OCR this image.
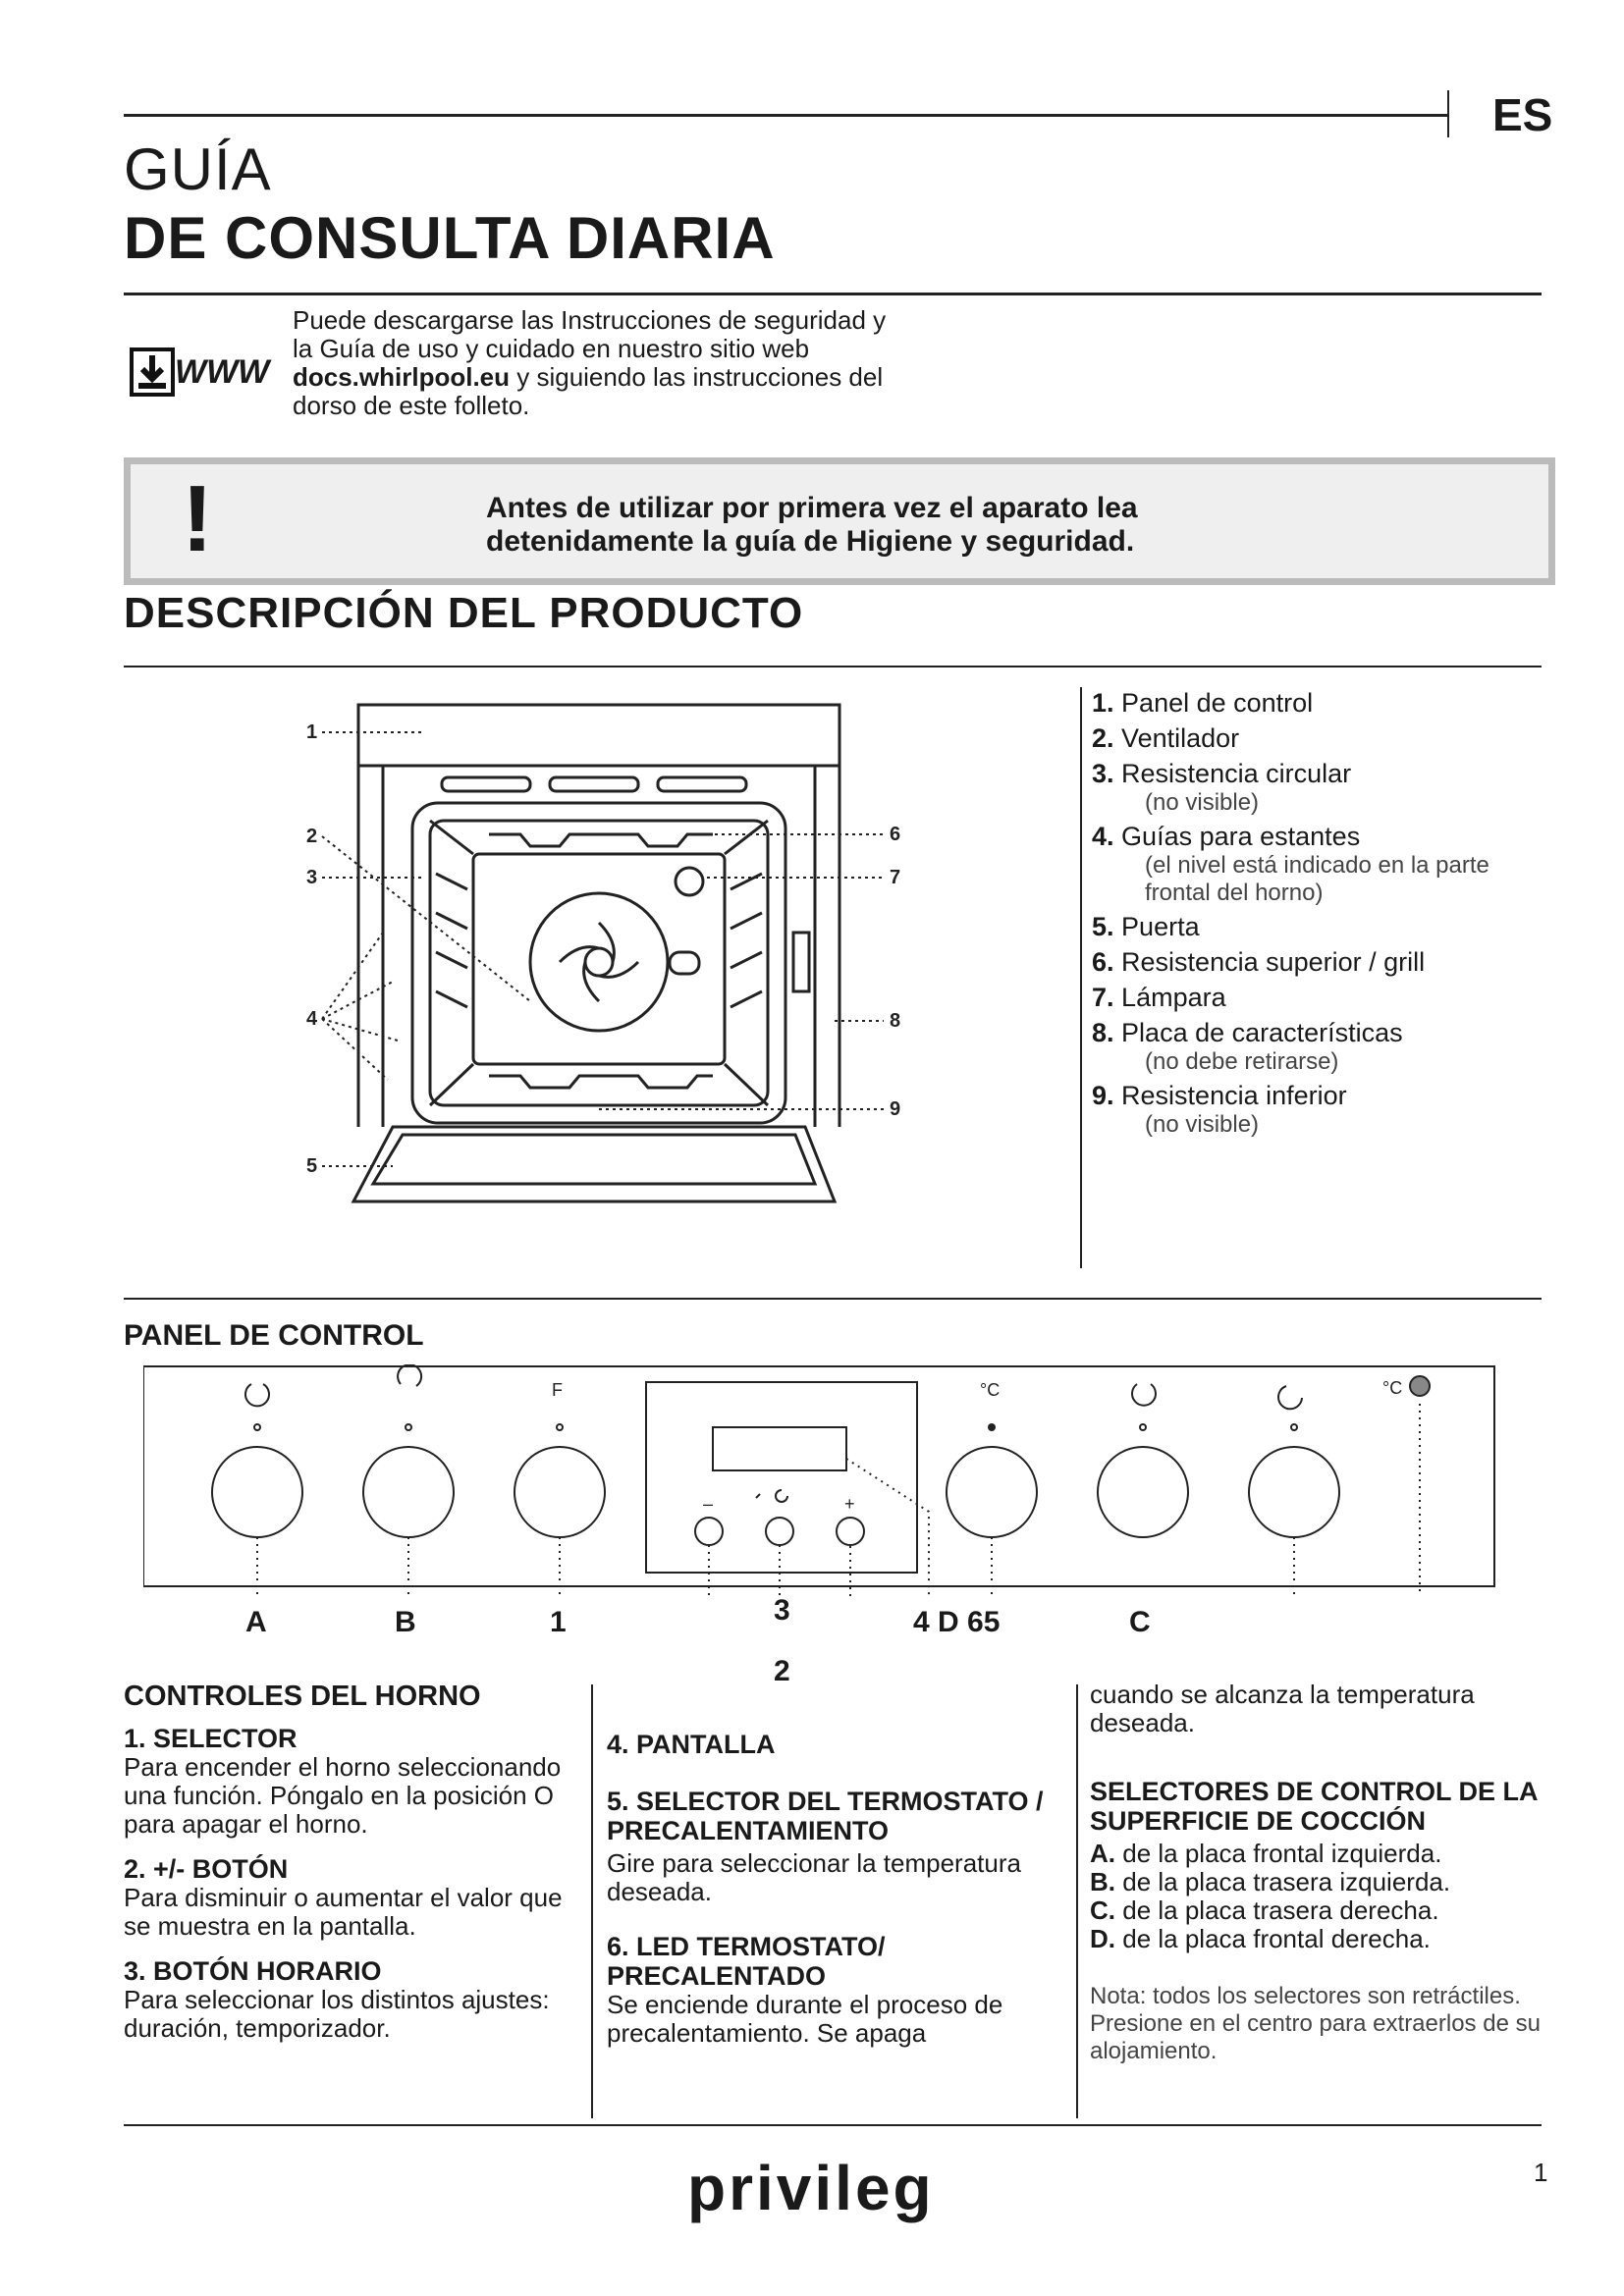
ES
GUÍA
DE CONSULTA DIARIA
WWW
Puede descargarse las Instrucciones de seguridad y la Guía de uso y cuidado en nuestro sitio web docs.whirlpool.eu y siguiendo las instrucciones del dorso de este folleto.
!	Antes de utilizar por primera vez el aparato lea
detenidamente la guía de Higiene y seguridad.
DESCRIPCIÓN DEL PRODUCTO
1
2
3
4
5
6
7
8
9
1. Panel de control
2. Ventilador
3. Resistencia circular
(no visible)
4. Guías para estantes
(el nivel está indicado en la parte frontal del horno)
5. Puerta
6. Resistencia superior / grill
7. Lámpara
8. Placa de características
(no debe retirarse)
9. Resistencia inferior
(no visible)
PANEL DE CONTROL
F	°C	°C
–	+
A	B	1	3
2
4 D 65	C
CONTROLES DEL HORNO
1. SELECTOR

Para encender el horno seleccionando una función. Póngalo en la posición O para apagar el horno.

2. +/- BOTÓN

Para disminuir o aumentar el valor que se muestra en la pantalla.

3. BOTÓN HORARIO

Para seleccionar los distintos ajustes: duración, temporizador.

4. PANTALLA
5. SELECTOR DEL TERMOSTATO / PRECALENTAMIENTO

Gire para seleccionar la temperatura deseada.

6. LED TERMOSTATO/ PRECALENTADO

Se enciende durante el proceso de precalentamiento. Se apaga

cuando se alcanza la temperatura deseada.

SELECTORES DE CONTROL DE LA SUPERFICIE DE COCCIÓN
A. de la placa frontal izquierda.
B. de la placa trasera izquierda.
C. de la placa trasera derecha.
D. de la placa frontal derecha.

Nota: todos los selectores son retráctiles. Presione en el centro para extraerlos de su alojamiento.

privileg	1
